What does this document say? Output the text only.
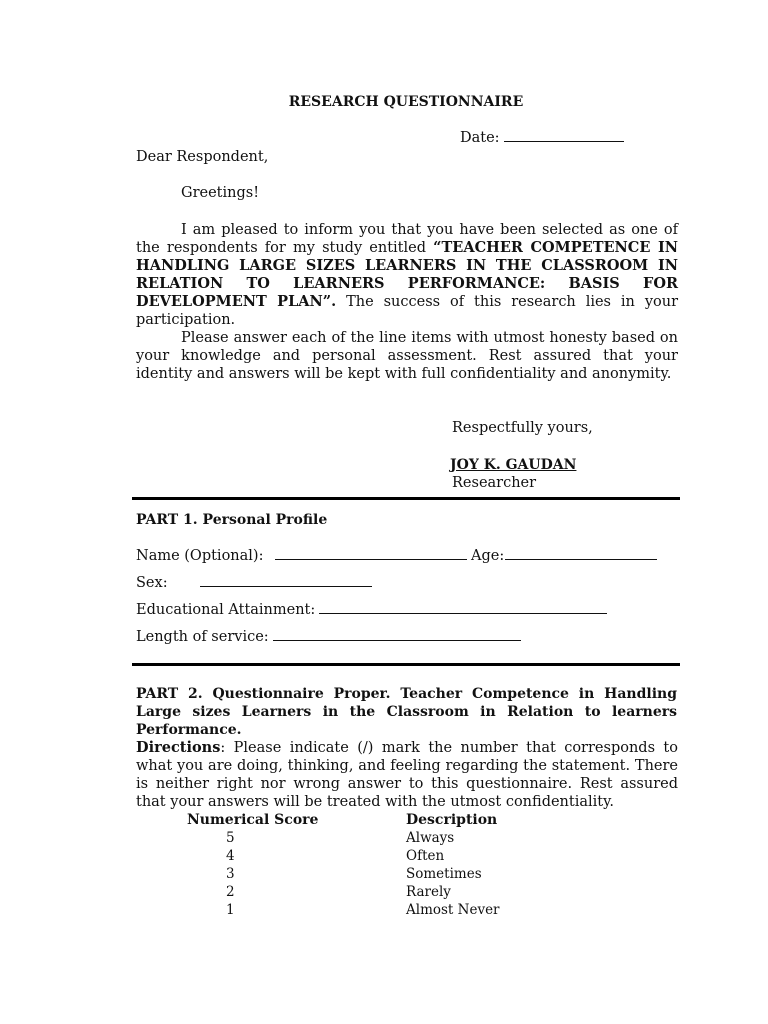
RESEARCH QUESTIONNAIRE
Date:
Dear Respondent,
Greetings!
I am pleased to inform you that you have been selected as one of the respondents for my study entitled “TEACHER COMPETENCE IN HANDLING LARGE SIZES LEARNERS IN THE CLASSROOM IN RELATION TO LEARNERS PERFORMANCE: BASIS FOR DEVELOPMENT PLAN”. The success of this research lies in your participation.
Please answer each of the line items with utmost honesty based on your knowledge and personal assessment. Rest assured that your identity and answers will be kept with full confidentiality and anonymity.
Respectfully yours,
JOY K. GAUDAN
Researcher
PART 1. Personal Profile
Name (Optional):	Age:
Sex:
Educational Attainment:
Length of service:
PART 2. Questionnaire Proper. Teacher Competence in Handling Large sizes Learners in the Classroom in Relation to learners Performance.
Directions: Please indicate (/) mark the number that corresponds to what you are doing, thinking, and feeling regarding the statement. There is neither right nor wrong answer to this questionnaire. Rest assured that your answers will be treated with the utmost confidentiality.
Numerical Score	Description
5	Always
4	Often
3	Sometimes
2	Rarely
1	Almost Never
